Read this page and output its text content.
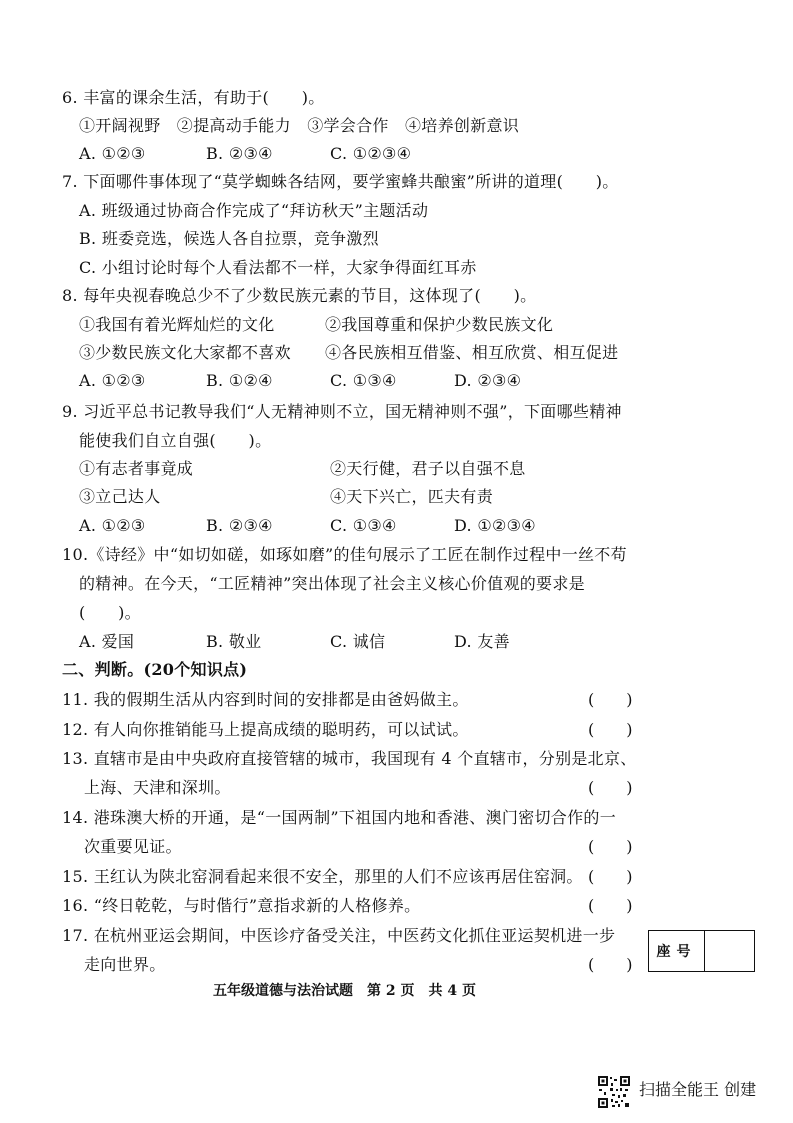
6. 丰富的课余生活，有助于(　　)。
①开阔视野　②提高动手能力　③学会合作　④培养创新意识
A. ①②③	B. ②③④	C. ①②③④
7. 下面哪件事体现了“莫学蜘蛛各结网，要学蜜蜂共酿蜜”所讲的道理(　　)。
A. 班级通过协商合作完成了“拜访秋天”主题活动
B. 班委竞选，候选人各自拉票，竞争激烈
C. 小组讨论时每个人看法都不一样，大家争得面红耳赤
8. 每年央视春晚总少不了少数民族元素的节目，这体现了(　　)。
①我国有着光辉灿烂的文化	②我国尊重和保护少数民族文化
③少数民族文化大家都不喜欢 ④各民族相互借鉴、相互欣赏、相互促进
A. ①②③	B. ①②④	C. ①③④	D. ②③④
9. 习近平总书记教导我们“人无精神则不立，国无精神则不强”，下面哪些精神
能使我们自立自强(　　)。
①有志者事竟成	②天行健，君子以自强不息
③立己达人	④天下兴亡，匹夫有责
A. ①②③	B. ②③④	C. ①③④	D. ①②③④
10.《诗经》中“如切如磋，如琢如磨”的佳句展示了工匠在制作过程中一丝不苟
的精神。在今天，“工匠精神”突出体现了社会主义核心价值观的要求是
(　　)。
A. 爱国	B. 敬业	C. 诚信	D. 友善
二、判断。(20个知识点)
11. 我的假期生活从内容到时间的安排都是由爸妈做主。	(　　)
12. 有人向你推销能马上提高成绩的聪明药，可以试试。	(　　)
13. 直辖市是由中央政府直接管辖的城市，我国现有 4 个直辖市，分别是北京、
上海、天津和深圳。	(　　)
14. 港珠澳大桥的开通，是“一国两制”下祖国内地和香港、澳门密切合作的一
次重要见证。	(　　)
15. 王红认为陕北窑洞看起来很不安全，那里的人们不应该再居住窑洞。 (　　)
16. “终日乾乾，与时偕行”意指求新的人格修养。	(　　)
17. 在杭州亚运会期间，中医诊疗备受关注，中医药文化抓住亚运契机进一步
走向世界。	(　　)
座号
五年级道德与法治试题　第 2 页　共 4 页
扫描全能王 创建
